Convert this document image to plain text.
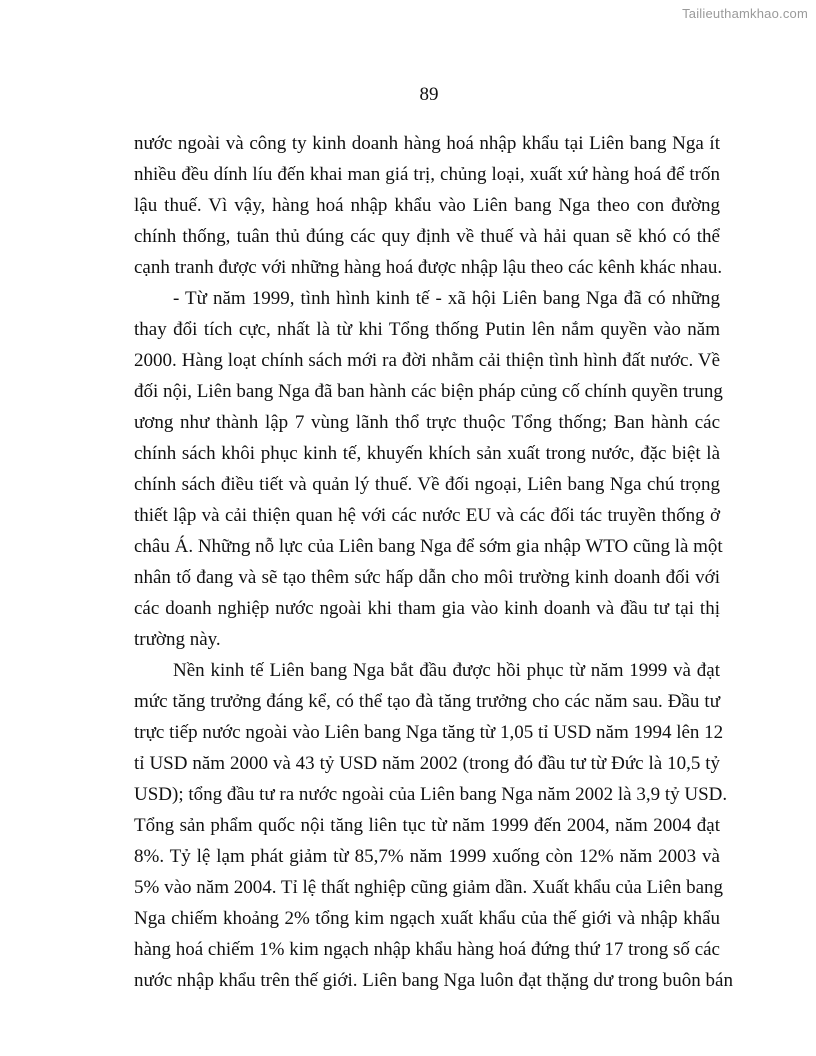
Tailieuthamkhao.com
89
nước ngoài và công ty kinh doanh hàng hoá nhập khẩu tại Liên bang Nga ít
nhiều đều dính líu đến khai man giá trị, chủng loại, xuất xứ hàng hoá để trốn
lậu thuế. Vì vậy, hàng hoá nhập khẩu vào Liên bang Nga theo con đường
chính thống, tuân thủ đúng các quy định về thuế và hải quan sẽ khó có thể
cạnh tranh được với những hàng hoá được nhập lậu theo các kênh khác nhau.
- Từ năm 1999, tình hình kinh tế - xã hội Liên bang Nga đã có những
thay đổi tích cực, nhất là từ khi Tổng thống Putin lên nắm quyền vào năm
2000. Hàng loạt chính sách mới ra đời nhằm cải thiện tình hình đất nước. Về
đối nội, Liên bang Nga đã ban hành các biện pháp củng cố chính quyền trung
ương như thành lập 7 vùng lãnh thổ trực thuộc Tổng thống; Ban hành các
chính sách khôi phục kinh tế, khuyến khích sản xuất trong nước, đặc biệt là
chính sách điều tiết và quản lý thuế. Về đối ngoại, Liên bang Nga chú trọng
thiết lập và cải thiện quan hệ với các nước EU và các đối tác truyền thống ở
châu Á. Những nỗ lực của Liên bang Nga để sớm gia nhập WTO cũng là một
nhân tố đang và sẽ tạo thêm sức hấp dẫn cho môi trường kinh doanh đối với
các doanh nghiệp nước ngoài khi tham gia vào kinh doanh và đầu tư tại thị
trường này.
Nền kinh tế Liên bang Nga bắt đầu được hồi phục từ năm 1999 và đạt
mức tăng trưởng đáng kể, có thể tạo đà tăng trưởng cho các năm sau. Đầu tư
trực tiếp nước ngoài vào Liên bang Nga tăng từ 1,05 tỉ USD năm 1994 lên 12
tỉ USD năm 2000 và 43 tỷ USD năm 2002 (trong đó đầu tư từ Đức là 10,5 tỷ
USD); tổng đầu tư ra nước ngoài của Liên bang Nga năm 2002 là 3,9 tỷ USD.
Tổng sản phẩm quốc nội tăng liên tục từ năm 1999 đến 2004, năm 2004 đạt
8%. Tỷ lệ lạm phát giảm từ 85,7% năm 1999 xuống còn 12% năm 2003 và
5% vào năm 2004. Tỉ lệ thất nghiệp cũng giảm dần. Xuất khẩu của Liên bang
Nga chiếm khoảng 2% tổng kim ngạch xuất khẩu của thế giới và nhập khẩu
hàng hoá chiếm 1% kim ngạch nhập khẩu hàng hoá đứng thứ 17 trong số các
nước nhập khẩu trên thế giới. Liên bang Nga luôn đạt thặng dư trong buôn bán
